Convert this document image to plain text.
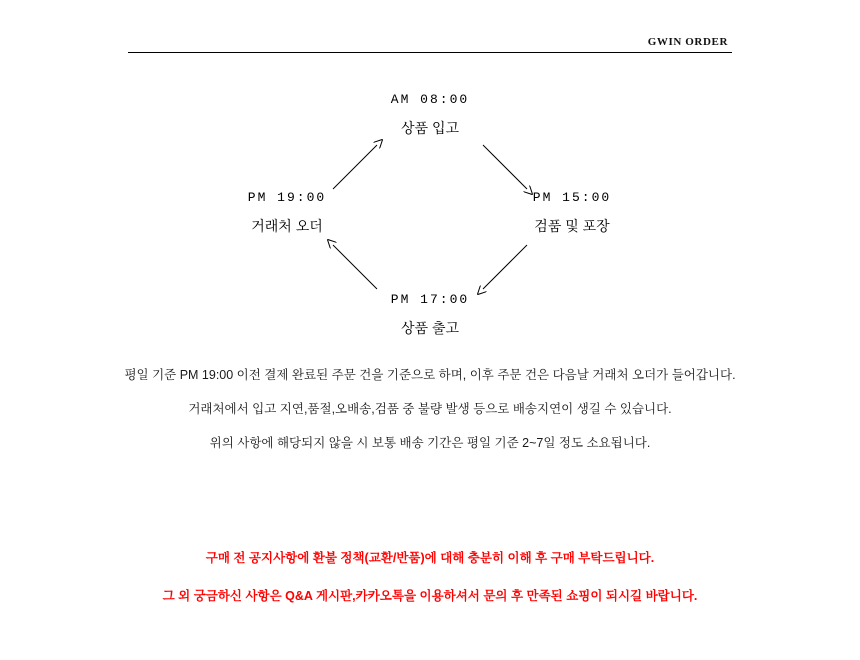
GWIN ORDER
AM 08:00
상품 입고
PM 15:00
검품 및 포장
PM 17:00
상품 출고
PM 19:00
거래처 오더
평일 기준 PM 19:00 이전 결제 완료된 주문 건을 기준으로 하며, 이후 주문 건은 다음날 거래처 오더가 들어갑니다.
거래처에서 입고 지연,품절,오배송,검품 중 불량 발생 등으로 배송지연이 생길 수 있습니다.
위의 사항에 해당되지 않을 시 보통 배송 기간은 평일 기준 2~7일 정도 소요됩니다.
구매 전 공지사항에 환불 정책(교환/반품)에 대해 충분히 이해 후 구매 부탁드립니다.
그 외 궁금하신 사항은 Q&A 게시판,카카오톡을 이용하셔서 문의 후 만족된 쇼핑이 되시길 바랍니다.
